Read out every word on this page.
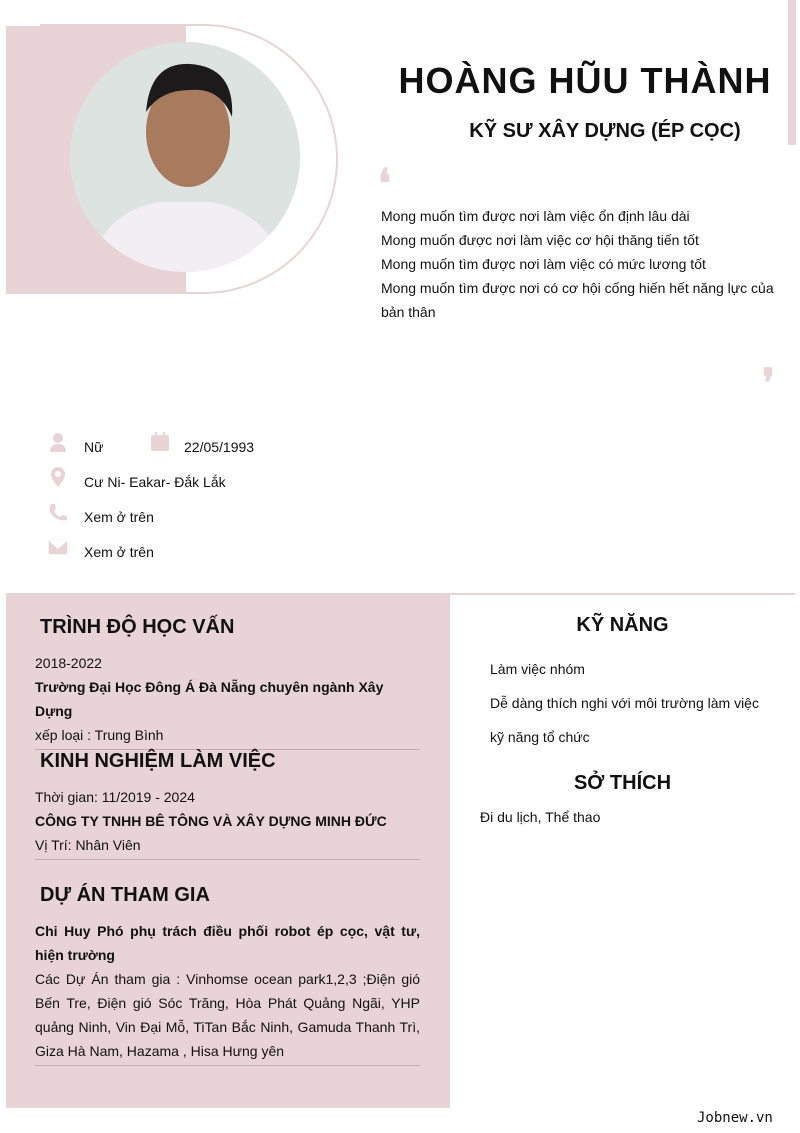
HOÀNG HŨU THÀNH
KỸ SƯ XÂY DỰNG (ÉP CỌC)
❛
Mong muốn tìm được nơi làm việc ổn định lâu dài
Mong muốn được nơi làm việc cơ hội thăng tiến tốt
Mong muốn tìm được nơi làm việc có mức lương tốt
Mong muốn tìm được nơi có cơ hội cống hiến hết năng lực của bản thân
❜
Nữ	22/05/1993
Cư Ni- Eakar- Đắk Lắk
Xem ở trên
Xem ở trên
TRÌNH ĐỘ HỌC VẤN
2018-2022
Trường Đại Học Đông Á Đà Nẵng chuyên ngành Xây Dựng
xếp loại : Trung Bình
KINH NGHIỆM LÀM VIỆC
Thời gian: 11/2019 - 2024
CÔNG TY TNHH BÊ TÔNG VÀ XÂY DỰNG MINH ĐỨC
Vị Trí: Nhân Viên
DỰ ÁN THAM GIA
Chi Huy Phó phụ trách điều phối robot ép cọc, vật tư, hiện trường
Các Dự Án tham gia : Vinhomse ocean park1,2,3 ;Điện gió Bến Tre, Điện gió Sóc Trăng, Hòa Phát Quảng Ngãi, YHP quảng Ninh, Vin Đại Mỗ, TiTan Bắc Ninh, Gamuda Thanh Trì, Giza Hà Nam, Hazama , Hisa Hưng yên
KỸ NĂNG
Làm việc nhóm
Dễ dàng thích nghi với môi trường làm việc
kỹ năng tổ chức
SỞ THÍCH
Đi du lịch, Thể thao
Jobnew.vn
